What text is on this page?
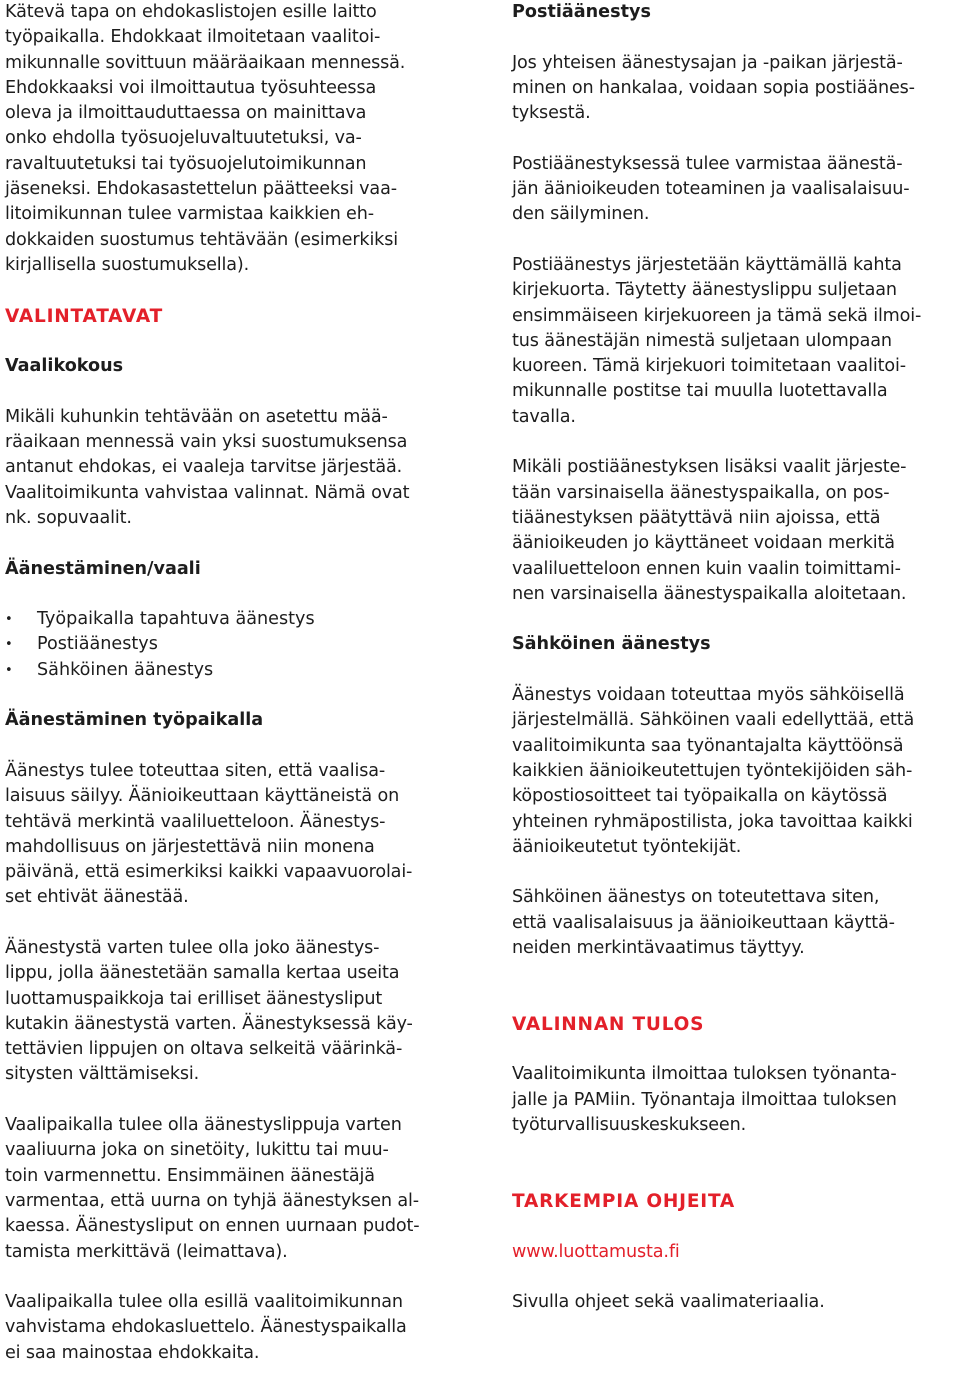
Kätevä tapa on ehdokaslistojen esille laitto
työpaikalla. Ehdokkaat ilmoitetaan vaalitoi-
mikunnalle sovittuun määräaikaan mennessä.
Ehdokkaaksi voi ilmoittautua työsuhteessa
oleva ja ilmoittauduttaessa on mainittava
onko ehdolla työsuojeluvaltuutetuksi, va-
ravaltuutetuksi tai työsuojelutoimikunnan
jäseneksi. Ehdokasastettelun päätteeksi vaa-
litoimikunnan tulee varmistaa kaikkien eh-
dokkaiden suostumus tehtävään (esimerkiksi
kirjallisella suostumuksella).

VALINTATAVAT
Vaalikokous

Mikäli kuhunkin tehtävään on asetettu mää-
räaikaan mennessä vain yksi suostumuksensa
antanut ehdokas, ei vaaleja tarvitse järjestää.
Vaalitoimikunta vahvistaa valinnat. Nämä ovat
nk. sopuvaalit.

Äänestäminen/vaali
• Työpaikalla tapahtuva äänestys
• Postiäänestys
• Sähköinen äänestys
Äänestäminen työpaikalla

Äänestys tulee toteuttaa siten, että vaalisa-
laisuus säilyy. Äänioikeuttaan käyttäneistä on
tehtävä merkintä vaaliluetteloon. Äänestys-
mahdollisuus on järjestettävä niin monena
päivänä, että esimerkiksi kaikki vapaavuorolai-
set ehtivät äänestää.

Äänestystä varten tulee olla joko äänestys-
lippu, jolla äänestetään samalla kertaa useita
luottamuspaikkoja tai erilliset äänestysliput
kutakin äänestystä varten. Äänestyksessä käy-
tettävien lippujen on oltava selkeitä väärinkä-
sitysten välttämiseksi.

Vaalipaikalla tulee olla äänestyslippuja varten
vaaliuurna joka on sinetöity, lukittu tai muu-
toin varmennettu. Ensimmäinen äänestäjä
varmentaa, että uurna on tyhjä äänestyksen al-
kaessa. Äänestysliput on ennen uurnaan pudot-
tamista merkittävä (leimattava).

Vaalipaikalla tulee olla esillä vaalitoimikunnan
vahvistama ehdokasluettelo. Äänestyspaikalla
ei saa mainostaa ehdokkaita.

Postiäänestys

Jos yhteisen äänestysajan ja -paikan järjestä-
minen on hankalaa, voidaan sopia postiäänes-
tyksestä.

Postiäänestyksessä tulee varmistaa äänestä-
jän äänioikeuden toteaminen ja vaalisalaisuu-
den säilyminen.

Postiäänestys järjestetään käyttämällä kahta
kirjekuorta. Täytetty äänestyslippu suljetaan
ensimmäiseen kirjekuoreen ja tämä sekä ilmoi-
tus äänestäjän nimestä suljetaan ulompaan
kuoreen. Tämä kirjekuori toimitetaan vaalitoi-
mikunnalle postitse tai muulla luotettavalla
tavalla.

Mikäli postiäänestyksen lisäksi vaalit järjeste-
tään varsinaisella äänestyspaikalla, on pos-
tiäänestyksen päätyttävä niin ajoissa, että
äänioikeuden jo käyttäneet voidaan merkitä
vaaliluetteloon ennen kuin vaalin toimittami-
nen varsinaisella äänestyspaikalla aloitetaan.

Sähköinen äänestys

Äänestys voidaan toteuttaa myös sähköisellä
järjestelmällä. Sähköinen vaali edellyttää, että
vaalitoimikunta saa työnantajalta käyttöönsä
kaikkien äänioikeutettujen työntekijöiden säh-
köpostiosoitteet tai työpaikalla on käytössä
yhteinen ryhmäpostilista, joka tavoittaa kaikki
äänioikeutetut työntekijät.

Sähköinen äänestys on toteutettava siten,
että vaalisalaisuus ja äänioikeuttaan käyttä-
neiden merkintävaatimus täyttyy.

VALINNAN TULOS

Vaalitoimikunta ilmoittaa tuloksen työnanta-
jalle ja PAMiin. Työnantaja ilmoittaa tuloksen
työturvallisuuskeskukseen.

TARKEMPIA OHJEITA

www.luottamusta.fi

Sivulla ohjeet sekä vaalimateriaalia.
